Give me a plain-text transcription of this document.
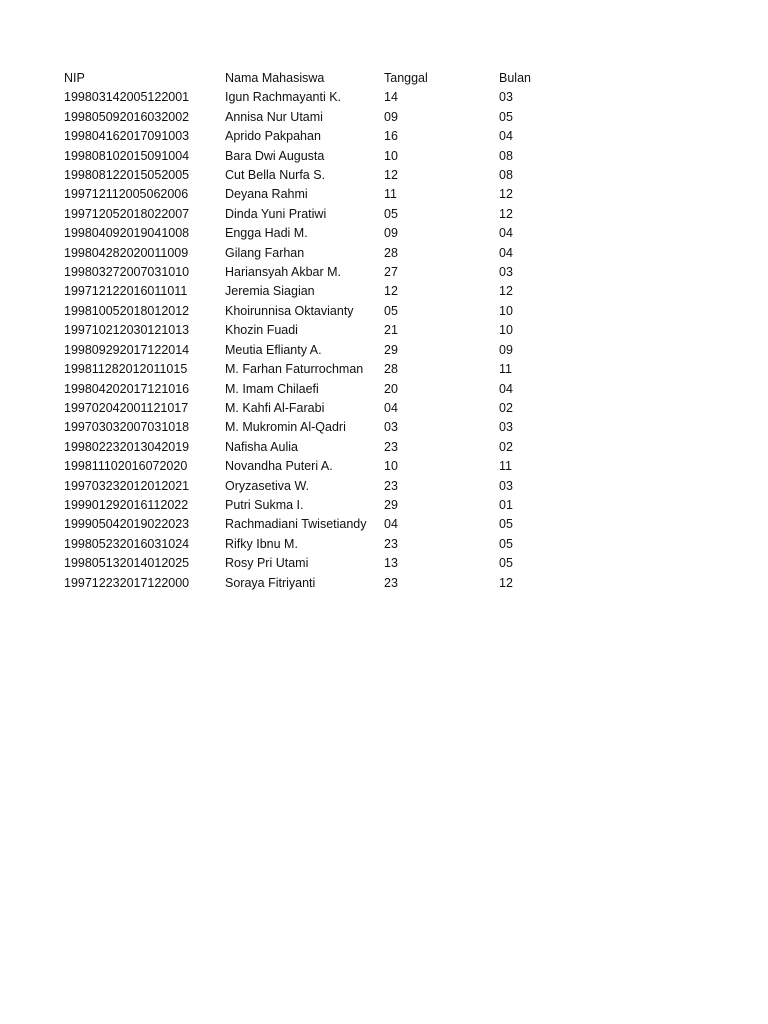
NIP	Nama Mahasiswa	Tanggal	Bulan
199803142005122001	Igun Rachmayanti K.	14	03
199805092016032002	Annisa Nur Utami	09	05
199804162017091003	Aprido Pakpahan	16	04
199808102015091004	Bara Dwi Augusta	10	08
199808122015052005	Cut Bella Nurfa S.	12	08
199712112005062006	Deyana Rahmi	11	12
199712052018022007	Dinda Yuni Pratiwi	05	12
199804092019041008	Engga Hadi M.	09	04
199804282020011009	Gilang Farhan	28	04
199803272007031010	Hariansyah Akbar M.	27	03
199712122016011011	Jeremia Siagian	12	12
199810052018012012	Khoirunnisa Oktavianty	05	10
199710212030121013	Khozin Fuadi	21	10
199809292017122014	Meutia Eflianty A.	29	09
199811282012011015	M. Farhan Faturrochman	28	11
199804202017121016	M. Imam Chilaefi	20	04
199702042001121017	M. Kahfi Al-Farabi	04	02
199703032007031018	M. Mukromin Al-Qadri	03	03
199802232013042019	Nafisha Aulia	23	02
199811102016072020	Novandha Puteri A.	10	11
199703232012012021	Oryzasetiva W.	23	03
199901292016112022	Putri Sukma I.	29	01
199905042019022023	Rachmadiani Twisetiandy	04	05
199805232016031024	Rifky Ibnu M.	23	05
199805132014012025	Rosy Pri Utami	13	05
199712232017122000	Soraya Fitriyanti	23	12
